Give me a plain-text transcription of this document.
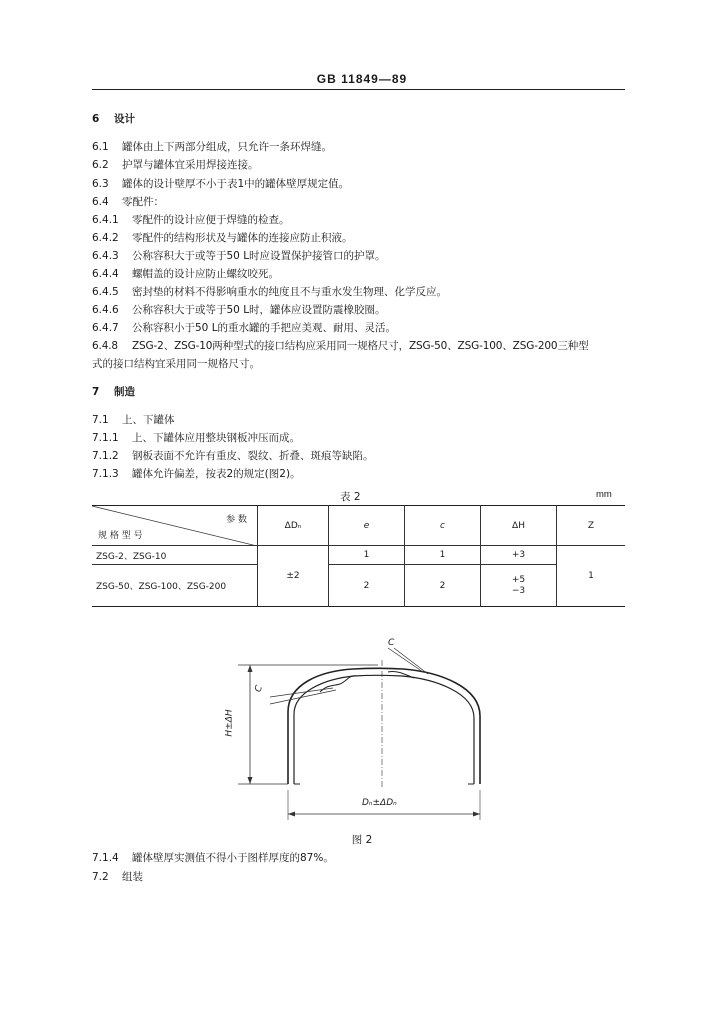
GB 11849—89
6 设计
6.1 罐体由上下两部分组成，只允许一条环焊缝。
6.2 护罩与罐体宜采用焊接连接。
6.3 罐体的设计壁厚不小于表1中的罐体壁厚规定值。
6.4 零配件：
6.4.1 零配件的设计应便于焊缝的检查。
6.4.2 零配件的结构形状及与罐体的连接应防止积液。
6.4.3 公称容积大于或等于50 L时应设置保护接管口的护罩。
6.4.4 螺帽盖的设计应防止螺纹咬死。
6.4.5 密封垫的材料不得影响重水的纯度且不与重水发生物理、化学反应。
6.4.6 公称容积大于或等于50 L时，罐体应设置防震橡胶圈。
6.4.7 公称容积小于50 L的重水罐的手把应美观、耐用、灵活。
6.4.8 ZSG-2、ZSG-10两种型式的接口结构应采用同一规格尺寸，ZSG-50、ZSG-100、ZSG-200三种型
式的接口结构宜采用同一规格尺寸。
7 制造
7.1 上、下罐体
7.1.1 上、下罐体应用整块钢板冲压而成。
7.1.2 钢板表面不允许有重皮、裂纹、折叠、斑痕等缺陷。
7.1.3 罐体允许偏差，按表2的规定(图2)。
表 2	mm
参 数
规 格 型 号	ΔDₙ	e	c	ΔH	Z
ZSG-2、ZSG-10	±2	1	1	+3	1
ZSG-50、ZSG-100、ZSG-200		2	2	+5
−3	
C
C
H±ΔH
Dₙ±ΔDₙ
图 2
7.1.4 罐体壁厚实测值不得小于图样厚度的87%。
7.2 组装
